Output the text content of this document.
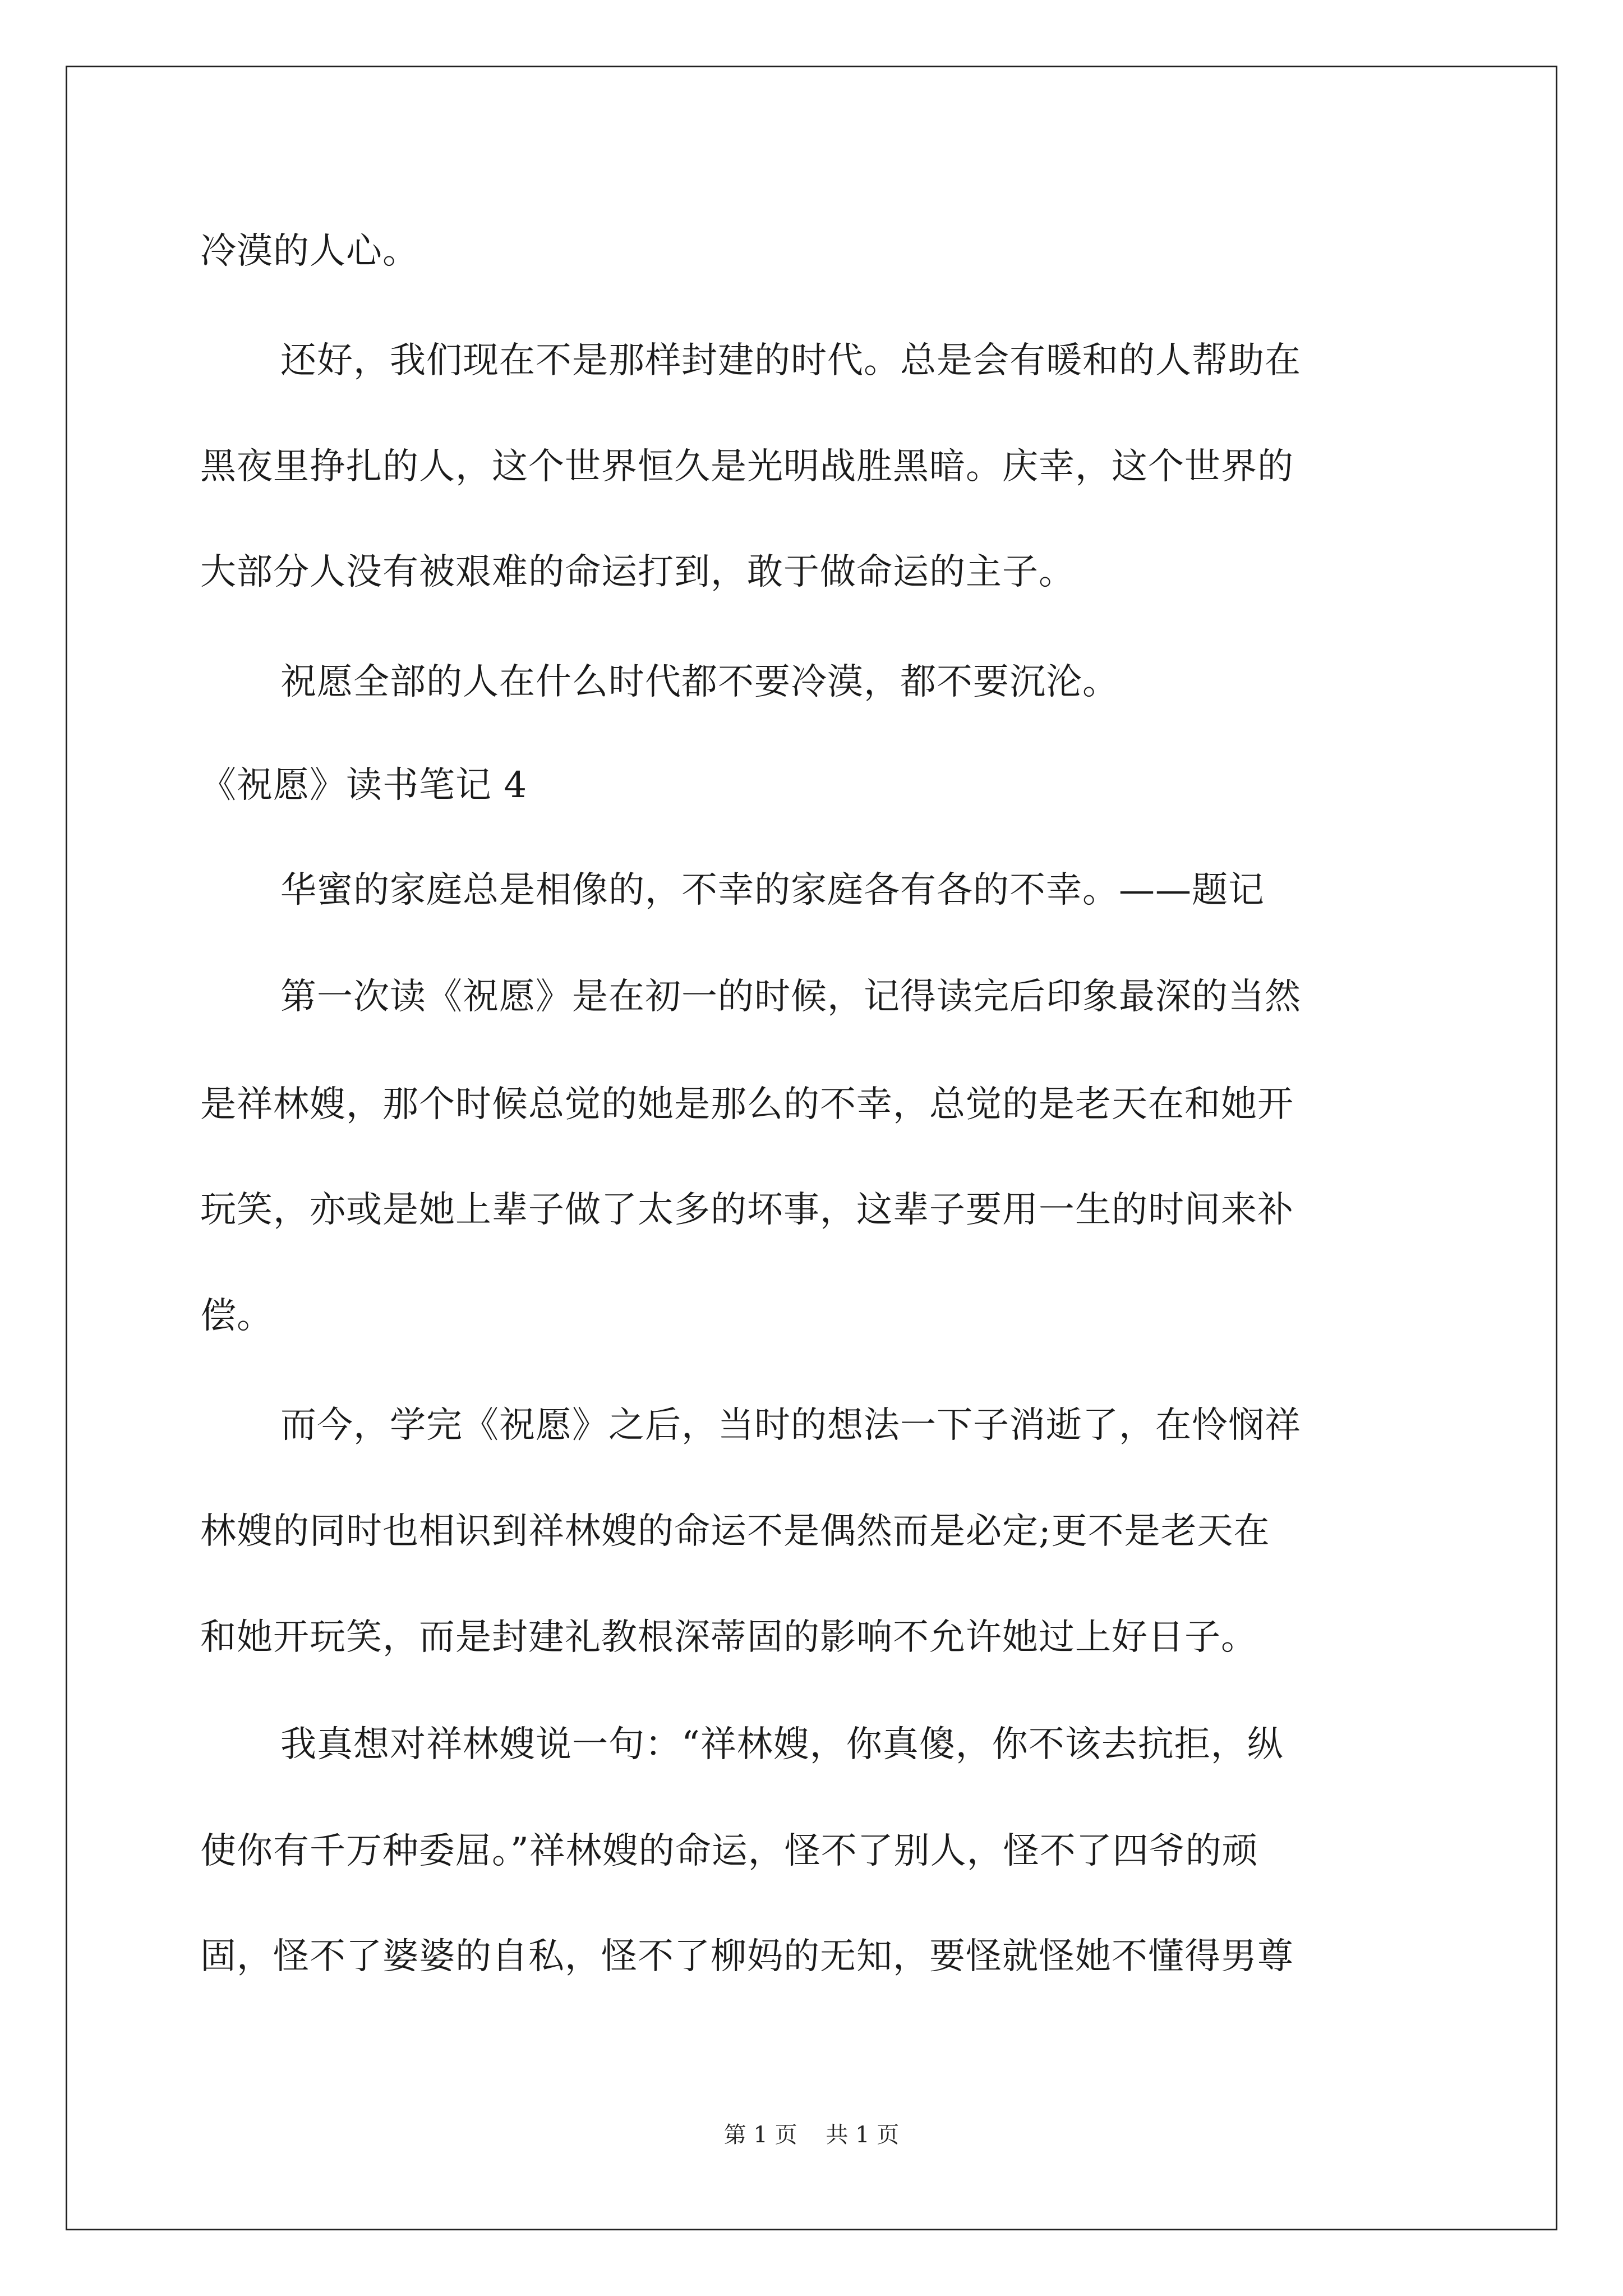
冷漠的人心。
还好，我们现在不是那样封建的时代。总是会有暖和的人帮助在
黑夜里挣扎的人，这个世界恒久是光明战胜黑暗。庆幸，这个世界的
大部分人没有被艰难的命运打到，敢于做命运的主子。
祝愿全部的人在什么时代都不要冷漠，都不要沉沦。
《祝愿》读书笔记 4
华蜜的家庭总是相像的，不幸的家庭各有各的不幸。——题记
第一次读《祝愿》是在初一的时候，记得读完后印象最深的当然
是祥林嫂，那个时候总觉的她是那么的不幸，总觉的是老天在和她开
玩笑，亦或是她上辈子做了太多的坏事，这辈子要用一生的时间来补
偿。
而今，学完《祝愿》之后，当时的想法一下子消逝了，在怜悯祥
林嫂的同时也相识到祥林嫂的命运不是偶然而是必定;更不是老天在
和她开玩笑，而是封建礼教根深蒂固的影响不允许她过上好日子。
我真想对祥林嫂说一句：“祥林嫂，你真傻，你不该去抗拒，纵
使你有千万种委屈。”祥林嫂的命运，怪不了别人，怪不了四爷的顽
固，怪不了婆婆的自私，怪不了柳妈的无知，要怪就怪她不懂得男尊
第 1 页    共 1 页
